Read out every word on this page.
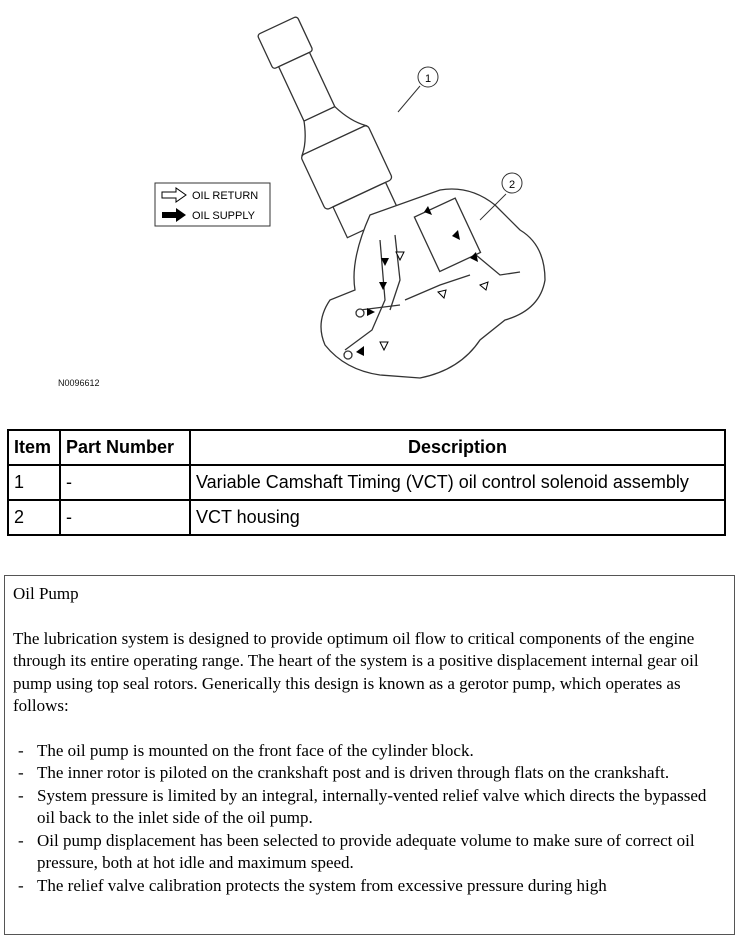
1
2
OIL RETURN
OIL SUPPLY
N0096612
Item	Part Number	Description
1	-	Variable Camshaft Timing (VCT) oil control solenoid assembly
2	-	VCT housing

Oil Pump

The lubrication system is designed to provide optimum oil flow to critical components of the engine through its entire operating range. The heart of the system is a positive displacement internal gear oil pump using top seal rotors. Generically this design is known as a gerotor pump, which operates as follows:

- The oil pump is mounted on the front face of the cylinder block.
- The inner rotor is piloted on the crankshaft post and is driven through flats on the crankshaft.
- System pressure is limited by an integral, internally-vented relief valve which directs the bypassed oil back to the inlet side of the oil pump.
- Oil pump displacement has been selected to provide adequate volume to make sure of correct oil pressure, both at hot idle and maximum speed.
- The relief valve calibration protects the system from excessive pressure during high
